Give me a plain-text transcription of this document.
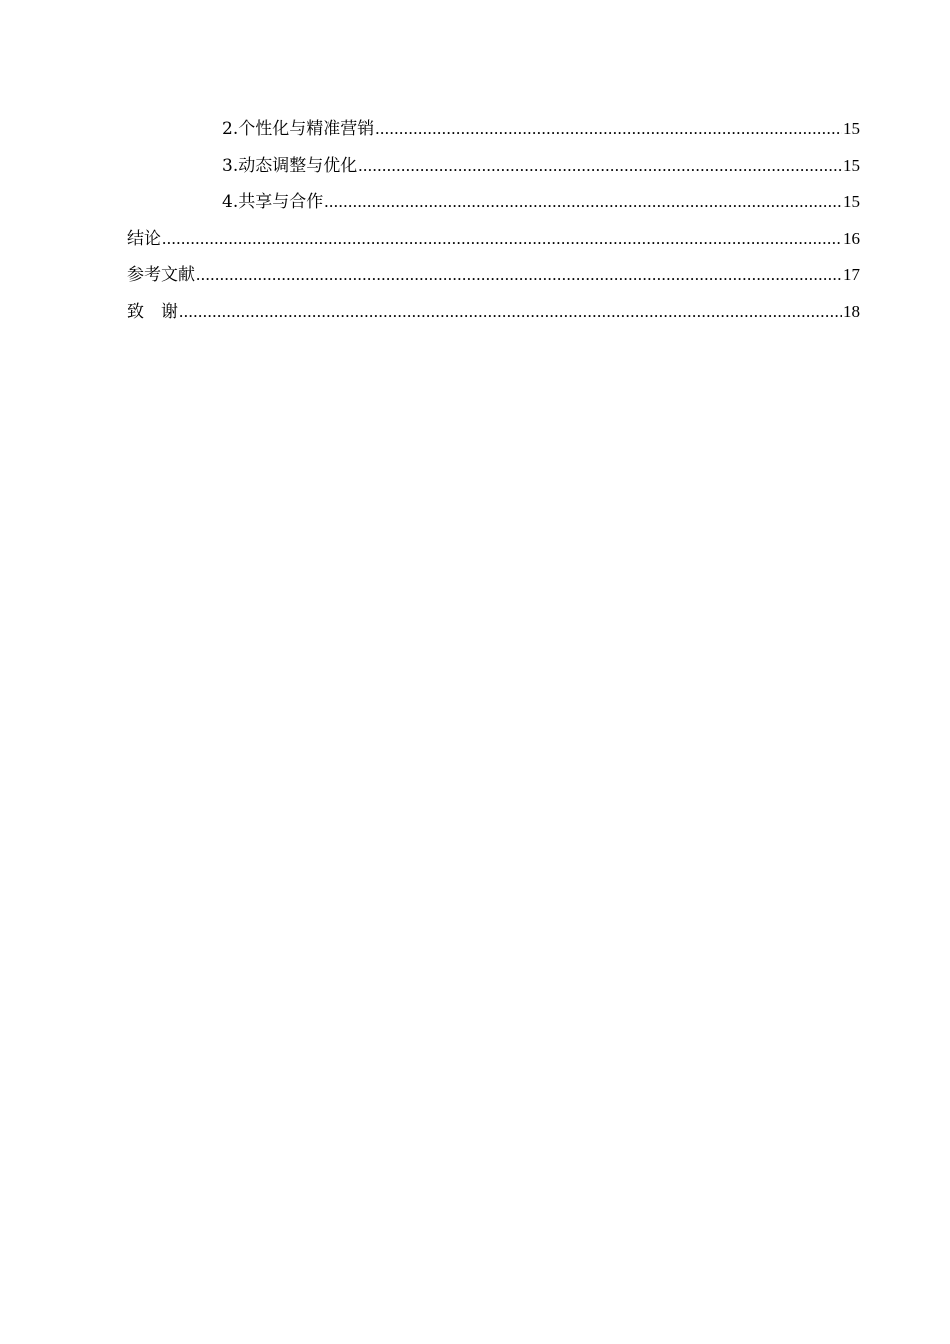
2.个性化与精准营销 .....	15
3.动态调整与优化 .....	15
4.共享与合作 .....	15
结论 .....	16
参考文献 .....	17
致　谢 .....	18
